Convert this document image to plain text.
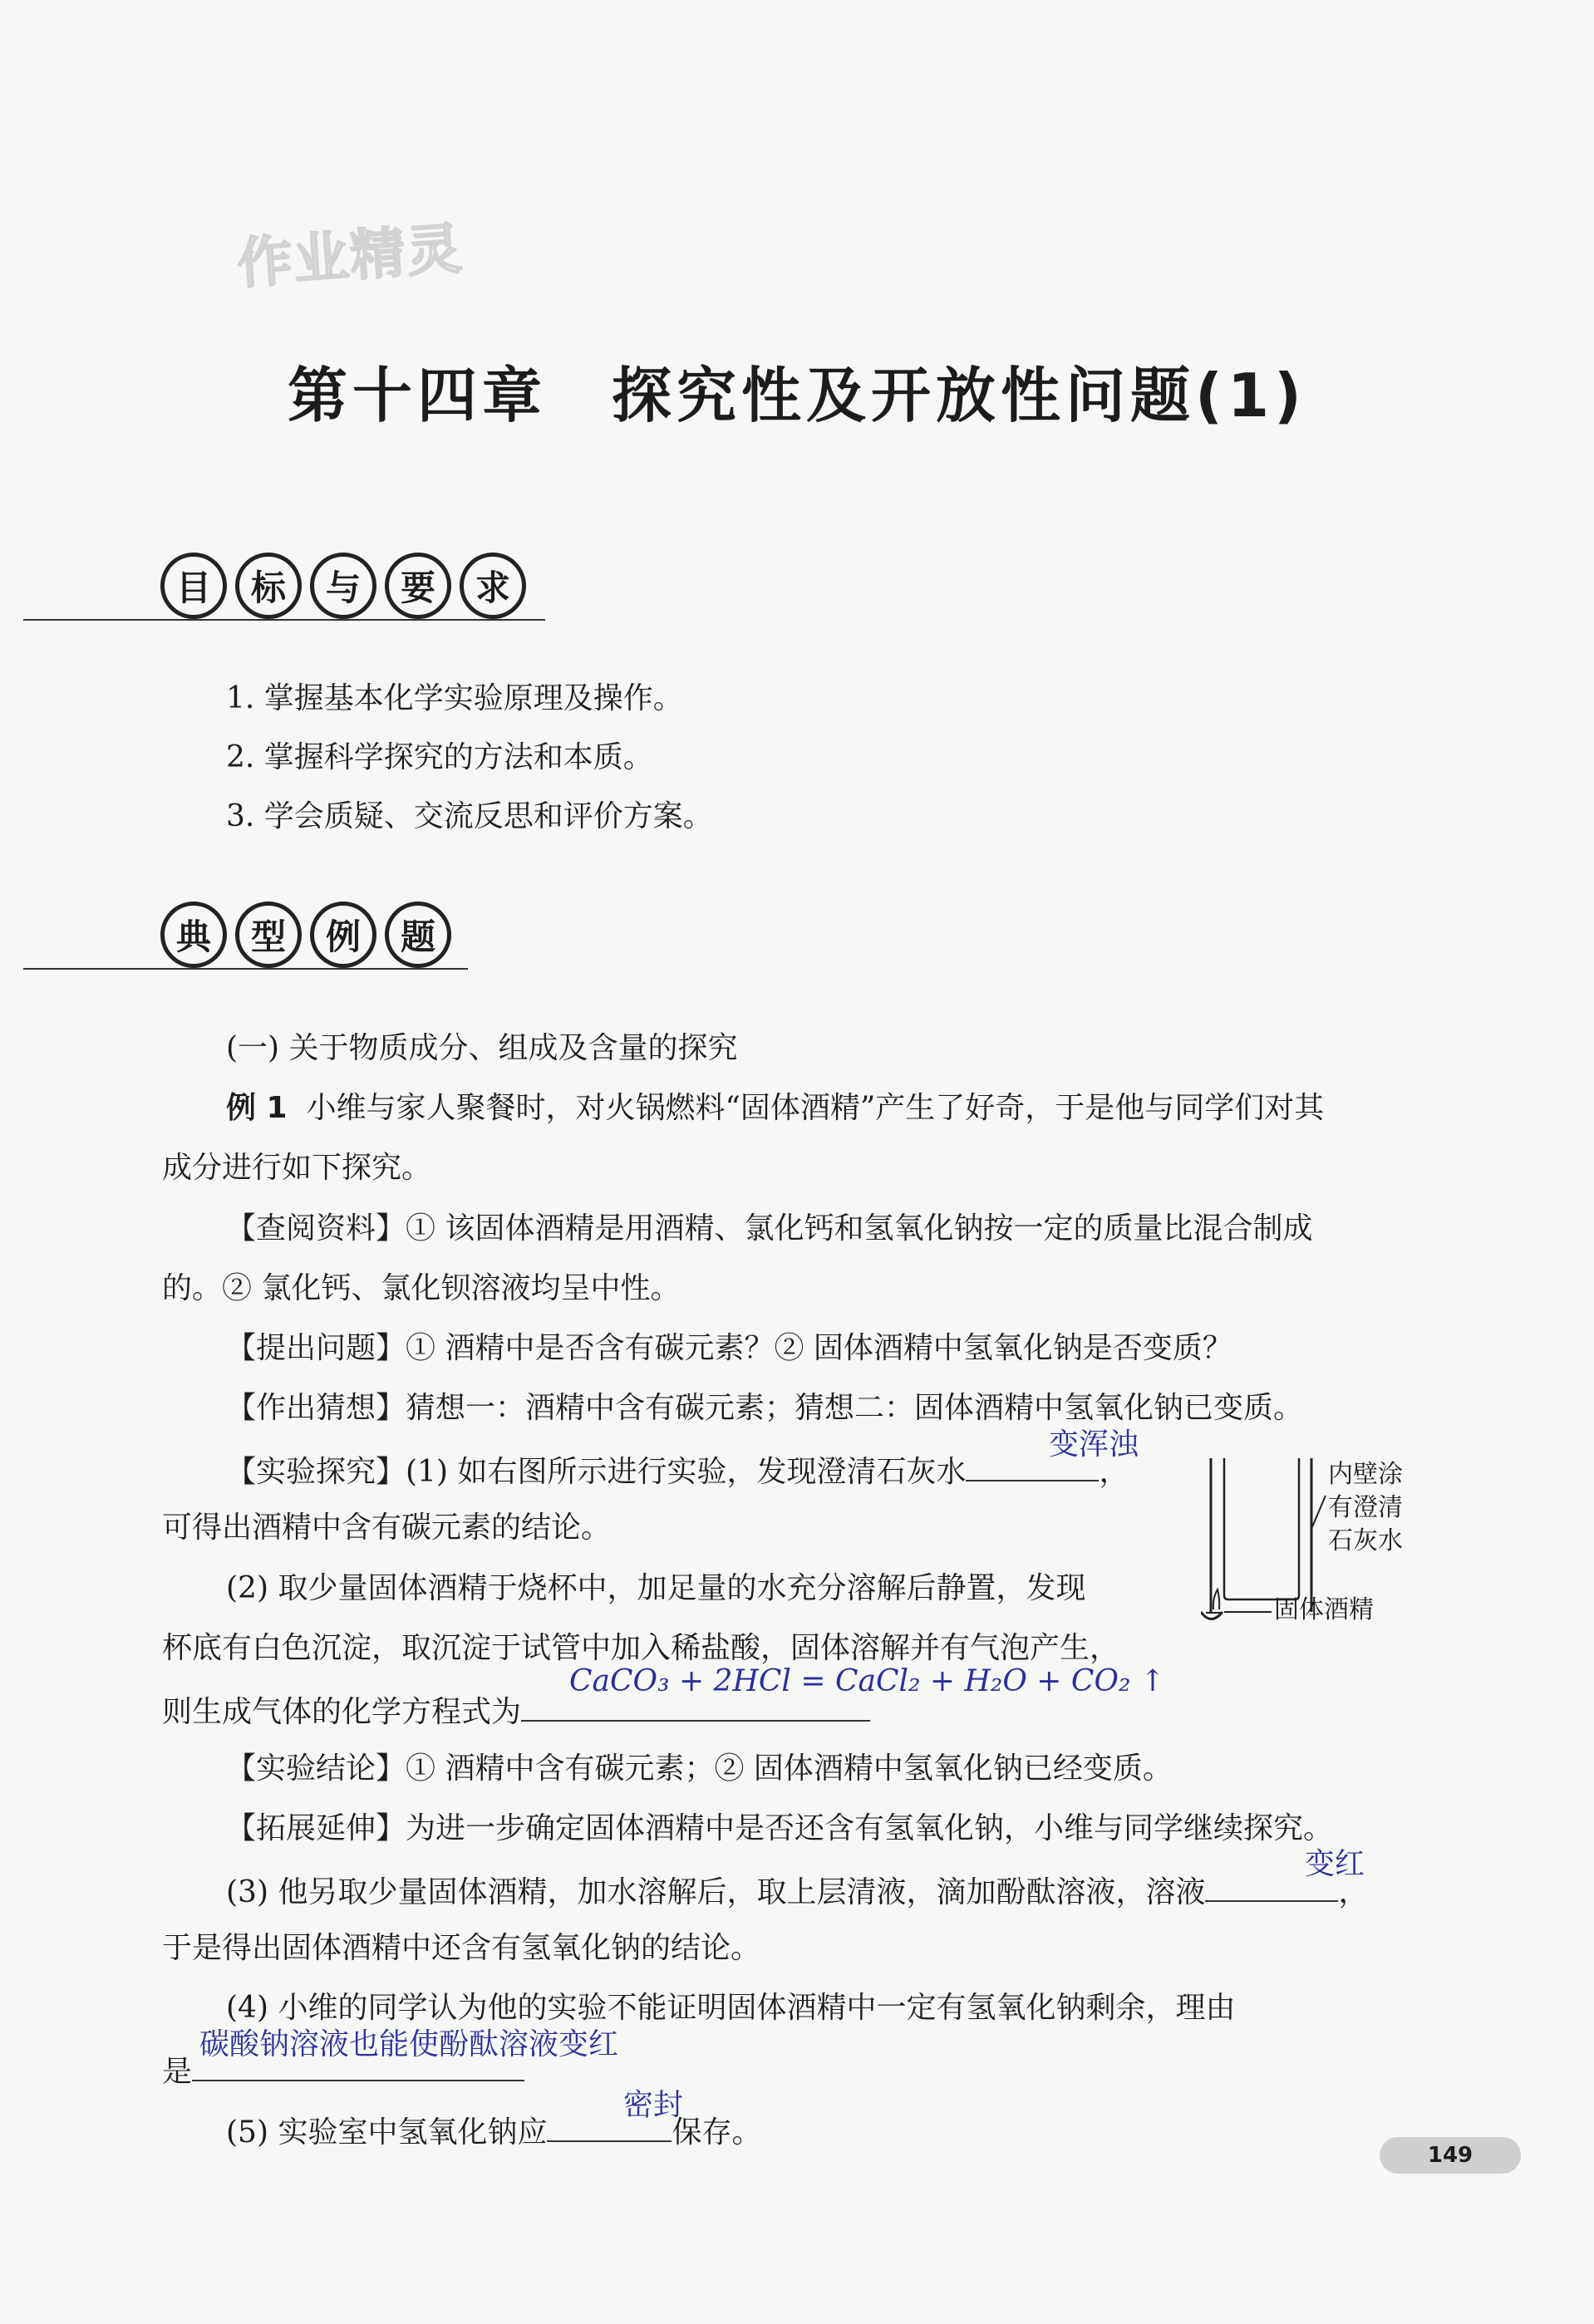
作业精灵
第十四章　探究性及开放性问题(1)
目	标	与	要	求
1. 掌握基本化学实验原理及操作。
2. 掌握科学探究的方法和本质。
3. 学会质疑、交流反思和评价方案。
典	型	例	题
(一) 关于物质成分、组成及含量的探究
例 1 小维与家人聚餐时，对火锅燃料“固体酒精”产生了好奇，于是他与同学们对其
成分进行如下探究。
【查阅资料】① 该固体酒精是用酒精、氯化钙和氢氧化钠按一定的质量比混合制成
的。② 氯化钙、氯化钡溶液均呈中性。
【提出问题】① 酒精中是否含有碳元素？② 固体酒精中氢氧化钠是否变质？
【作出猜想】猜想一：酒精中含有碳元素；猜想二：固体酒精中氢氧化钠已变质。
【实验探究】(1) 如右图所示进行实验，发现澄清石灰水	，
变浑浊
可得出酒精中含有碳元素的结论。
(2) 取少量固体酒精于烧杯中，加足量的水充分溶解后静置，发现
杯底有白色沉淀，取沉淀于试管中加入稀盐酸，固体溶解并有气泡产生，
则生成气体的化学方程式为
CaCO₃ + 2HCl = CaCl₂ + H₂O + CO₂ ↑
【实验结论】① 酒精中含有碳元素；② 固体酒精中氢氧化钠已经变质。
【拓展延伸】为进一步确定固体酒精中是否还含有氢氧化钠，小维与同学继续探究。
(3) 他另取少量固体酒精，加水溶解后，取上层清液，滴加酚酞溶液，溶液	，
变红
于是得出固体酒精中还含有氢氧化钠的结论。
(4) 小维的同学认为他的实验不能证明固体酒精中一定有氢氧化钠剩余，理由
是
碳酸钠溶液也能使酚酞溶液变红
(5) 实验室中氢氧化钠应	保存。
密封
内壁涂
有澄清
石灰水
固体酒精
149
